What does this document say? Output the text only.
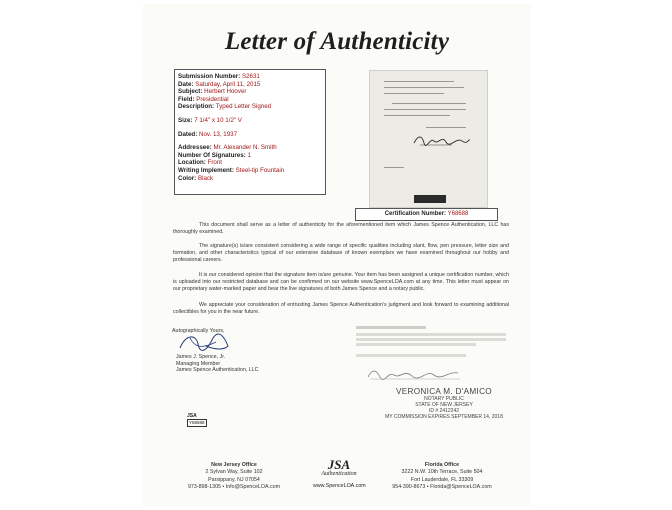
Letter of Authenticity
Submission Number: S2631
Date: Saturday, April 11, 2015
Subject: Herbert Hoover
Field: Presidential
Description: Typed Letter Signed
Size: 7 1/4" x 10 1/2" V
Dated: Nov. 13, 1937
Addressee: Mr. Alexander N. Smith
Number Of Signatures: 1
Location: Front
Writing Implement: Steel-tip Fountain
Color: Black
Certification Number: Y68688
This document shall serve as a letter of authenticity for the aforementioned item which James Spence Authentication, LLC has thoroughly examined.
The signature(s) is/are consistent considering a wide range of specific qualities including slant, flow, pen pressure, letter size and formation, and other characteristics typical of our extensive database of known exemplars we have examined throughout our hobby and professional careers.
It is our considered opinion that the signature item is/are genuine. Your item has been assigned a unique certification number, which is uploaded into our restricted database and can be confirmed on our website www.SpenceLOA.com at any time. This letter must appear on our proprietary water-marked paper and bear the live signatures of both James Spence and a notary public.
We appreciate your consideration of entrusting James Spence Authentication's judgment and look forward to examining additional collectibles for you in the near future.
Autographically Yours,
James J. Spence, Jr.
Managing Member
James Spence Authentication, LLC
JSA
Y68688
VERONICA M. D'AMICO
NOTARY PUBLIC
STATE OF NEW JERSEY
ID # 2412242
MY COMMISSION EXPIRES SEPTEMBER 14, 2018
New Jersey Office
2 Sylvan Way, Suite 102
Parsippany, NJ 07054
973-898-1305 • Info@SpenceLOA.com
JSA
Authentication
www.SpenceLOA.com
Florida Office
3222 N.W. 10th Terrace, Suite 504
Fort Lauderdale, FL 33309
954-390-8673 • Florida@SpenceLOA.com
